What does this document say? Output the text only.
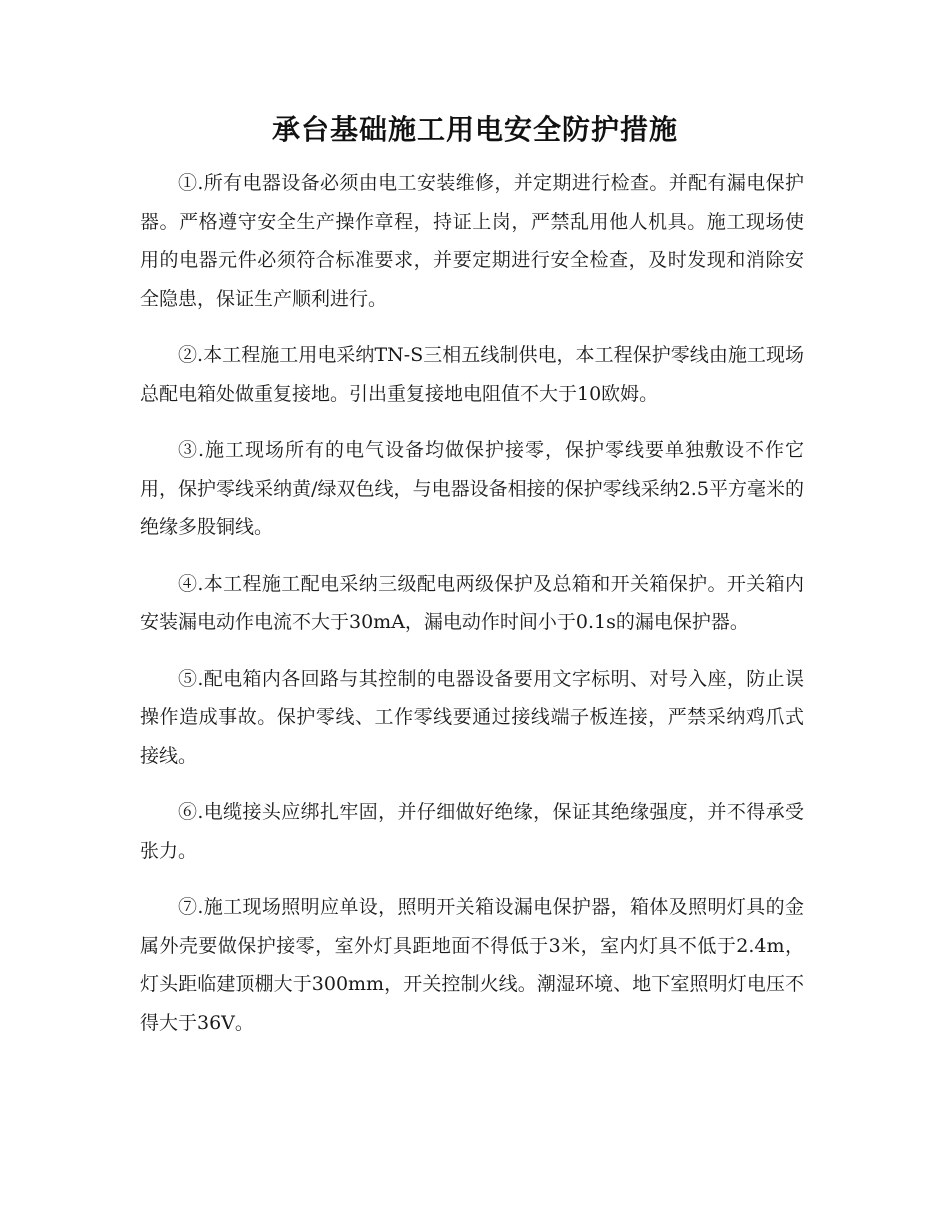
承台基础施工用电安全防护措施

①.所有电器设备必须由电工安装维修，并定期进行检查。并配有漏电保护器。严格遵守安全生产操作章程，持证上岗，严禁乱用他人机具。施工现场使用的电器元件必须符合标准要求，并要定期进行安全检查，及时发现和消除安全隐患，保证生产顺利进行。

②.本工程施工用电采纳TN-S三相五线制供电，本工程保护零线由施工现场总配电箱处做重复接地。引出重复接地电阻值不大于10欧姆。

③.施工现场所有的电气设备均做保护接零，保护零线要单独敷设不作它用，保护零线采纳黄/绿双色线，与电器设备相接的保护零线采纳2.5平方毫米的绝缘多股铜线。

④.本工程施工配电采纳三级配电两级保护及总箱和开关箱保护。开关箱内安装漏电动作电流不大于30mA，漏电动作时间小于0.1s的漏电保护器。

⑤.配电箱内各回路与其控制的电器设备要用文字标明、对号入座，防止误操作造成事故。保护零线、工作零线要通过接线端子板连接，严禁采纳鸡爪式接线。

⑥.电缆接头应绑扎牢固，并仔细做好绝缘，保证其绝缘强度，并不得承受张力。

⑦.施工现场照明应单设，照明开关箱设漏电保护器，箱体及照明灯具的金属外壳要做保护接零，室外灯具距地面不得低于3米，室内灯具不低于2.4m，灯头距临建顶棚大于300mm，开关控制火线。潮湿环境、地下室照明灯电压不得大于36V。
